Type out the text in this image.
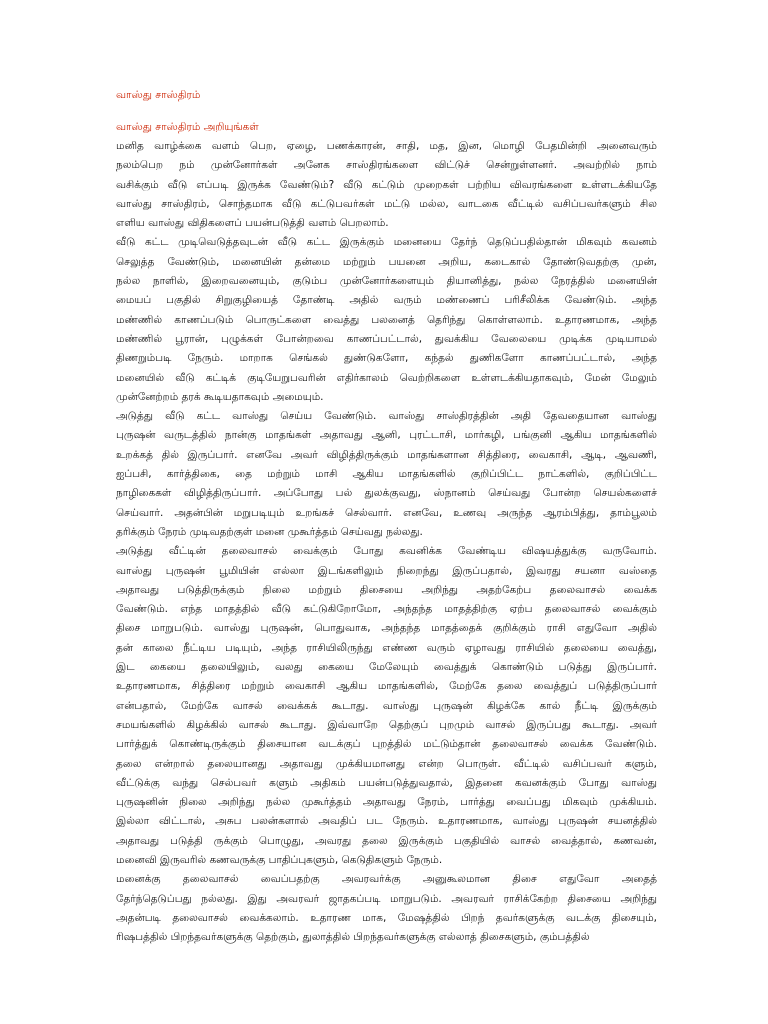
வாஸ்து சாஸ்திரம்
வாஸ்து சாஸ்திரம் அறியுங்கள்
மனித வாழ்க்கை வளம் பெற, ஏழை, பணக்காரன், சாதி, மத, இன, மொழி பேதமின்றி அனைவரும்
நலம்பெற நம் முன்னோர்கள் அனேக சாஸ்திரங்களை விட்டுச் சென்றுள்ளனர். அவற்றில் நாம்
வசிக்கும் வீடு எப்படி இருக்க வேண்டும்? வீடு கட்டும் முறைகள் பற்றிய விவரங்களை உள்ளடக்கியதே
வாஸ்து சாஸ்திரம், சொந்தமாக வீடு கட்டுபவர்கள் மட்டு மல்ல, வாடகை வீட்டில் வசிப்பவர்களும் சில
எளிய வாஸ்து விதிகளைப் பயன்படுத்தி வளம் பெறலாம்.
வீடு கட்ட முடிவெடுத்தவுடன் வீடு கட்ட இருக்கும் மனையை தேர்ந் தெடுப்பதில்தான் மிகவும் கவனம்
செலுத்த வேண்டும், மனையின் தன்மை மற்றும் பயனை அறிய, கடைகால் தோண்டுவதற்கு முன்,
நல்ல நாளில், இறைவனையும், குடும்ப முன்னோர்களையும் தியானித்து, நல்ல நேரத்தில் மனையின்
மையப் பகுதில் சிறுகுழியைத் தோண்டி அதில் வரும் மண்ணைப் பரிசீலிக்க வேண்டும். அந்த
மண்ணில் காணப்படும் பொருட்களை வைத்து பலனைத் தெரிந்து கொள்ளலாம். உதாரணமாக, அந்த
மண்ணில் பூரான், புழுக்கள் போன்றவை காணப்பட்டால், துவக்கிய வேலையை முடிக்க முடியாமல்
திணறும்படி நேரும். மாறாக செங்கல் துண்டுகளோ, கந்தல் துணிகளோ காணப்பட்டால், அந்த
மனையில் வீடு கட்டிக் குடியேறுபவரின் எதிர்காலம் வெற்றிகளை உள்ளடக்கியதாகவும், மேன் மேலும்
முன்னேற்றம் தரக் கூடியதாகவும் அமையும்.
அடுத்து வீடு கட்ட வாஸ்து செய்ய வேண்டும். வாஸ்து சாஸ்திரத்தின் அதி தேவதையான வாஸ்து
புருஷன் வருடத்தில் நான்கு மாதங்கள் அதாவது ஆனி, புரட்டாசி, மார்கழி, பங்குனி ஆகிய மாதங்களில்
உறக்கத் தில் இருப்பார். எனவே அவர் விழித்திருக்கும் மாதங்களான சித்திரை, வைகாசி, ஆடி, ஆவணி,
ஐப்பசி, கார்த்திகை, தை மற்றும் மாசி ஆகிய மாதங்களில் குறிப்பிட்ட நாட்களில், குறிப்பிட்ட
நாழிகைகள் விழித்திருப்பார். அப்போது பல் துலக்குவது, ஸ்நானம் செய்வது போன்ற செயல்களைச்
செய்வார். அதன்பின் மறுபடியும் உறங்கச் செல்வார். எனவே, உணவு அருந்த ஆரம்பித்து, தாம்பூலம்
தரிக்கும் நேரம் முடிவதற்குள் மனை முகூர்த்தம் செய்வது நல்லது.
அடுத்து வீட்டின் தலைவாசல் வைக்கும் போது கவனிக்க வேண்டிய விஷயத்துக்கு வருவோம்.
வாஸ்து புருஷன் பூமியின் எல்லா இடங்களிலும் நிறைந்து இருப்பதால், இவரது சயனா வஸ்தை
அதாவது படுத்திருக்கும் நிலை மற்றும் திசையை அறிந்து அதற்கேற்ப தலைவாசல் வைக்க
வேண்டும். எந்த மாதத்தில் வீடு கட்டுகிறோமோ, அந்தந்த மாதத்திற்கு ஏற்ப தலைவாசல் வைக்கும்
திசை மாறுபடும். வாஸ்து புருஷன், பொதுவாக, அந்தந்த மாதத்தைக் குறிக்கும் ராசி எதுவோ அதில்
தன் காலை நீட்டிய படியும், அந்த ராசியிலிருந்து எண்ண வரும் ஏழாவது ராசியில் தலையை வைத்து,
இட கையை தலையிலும், வலது கையை மேலேயும் வைத்துக் கொண்டும் படுத்து இருப்பார்.
உதாரணமாக, சித்திரை மற்றும் வைகாசி ஆகிய மாதங்களில், மேற்கே தலை வைத்துப் படுத்திருப்பார்
என்பதால், மேற்கே வாசல் வைக்கக் கூடாது. வாஸ்து புருஷன் கிழக்கே கால் நீட்டி இருக்கும்
சமயங்களில் கிழக்கில் வாசல் கூடாது. இவ்வாறே தெற்குப் புறமும் வாசல் இருப்பது கூடாது. அவர்
பார்த்துக் கொண்டிருக்கும் திசையான வடக்குப் புறத்தில் மட்டும்தான் தலைவாசல் வைக்க வேண்டும்.
தலை என்றால் தலையானது அதாவது முக்கியமானது என்ற பொருள். வீட்டில் வசிப்பவர் களும்,
வீட்டுக்கு வந்து செல்பவர் களும் அதிகம் பயன்படுத்துவதால், இதனை கவனக்கும் போது வாஸ்து
புருஷனின் நிலை அறிந்து நல்ல முகூர்த்தம் அதாவது நேரம், பார்த்து வைப்பது மிகவும் முக்கியம்.
இல்லா விட்டால், அசுப பலன்களால் அவதிப் பட நேரும். உதாரணமாக, வாஸ்து புருஷன் சயனத்தில்
அதாவது படுத்தி ருக்கும் பொழுது, அவரது தலை இருக்கும் பகுதியில் வாசல் வைத்தால், கணவன்,
மனைவி இருவரில் கணவருக்கு பாதிப்புகளும், கெடுதிகளும் நேரும்.
மனைக்கு தலைவாசல் வைப்பதற்கு அவரவர்க்கு அனுகூலமான திசை எதுவோ அதைத்
தேர்ந்தெடுப்பது நல்லது. இது அவரவர் ஜாதகப்படி மாறுபடும். அவரவர் ராசிக்கேற்ற திசையை அறிந்து
அதன்படி தலைவாசல் வைக்கலாம். உதாரண மாக, மேஷத்தில் பிறந் தவர்களுக்கு வடக்கு திசையும்,
ரிஷபத்தில் பிறந்தவர்களுக்கு தெற்கும், துலாத்தில் பிறந்தவர்களுக்கு எல்லாத் திசைகளும், கும்பத்தில்
